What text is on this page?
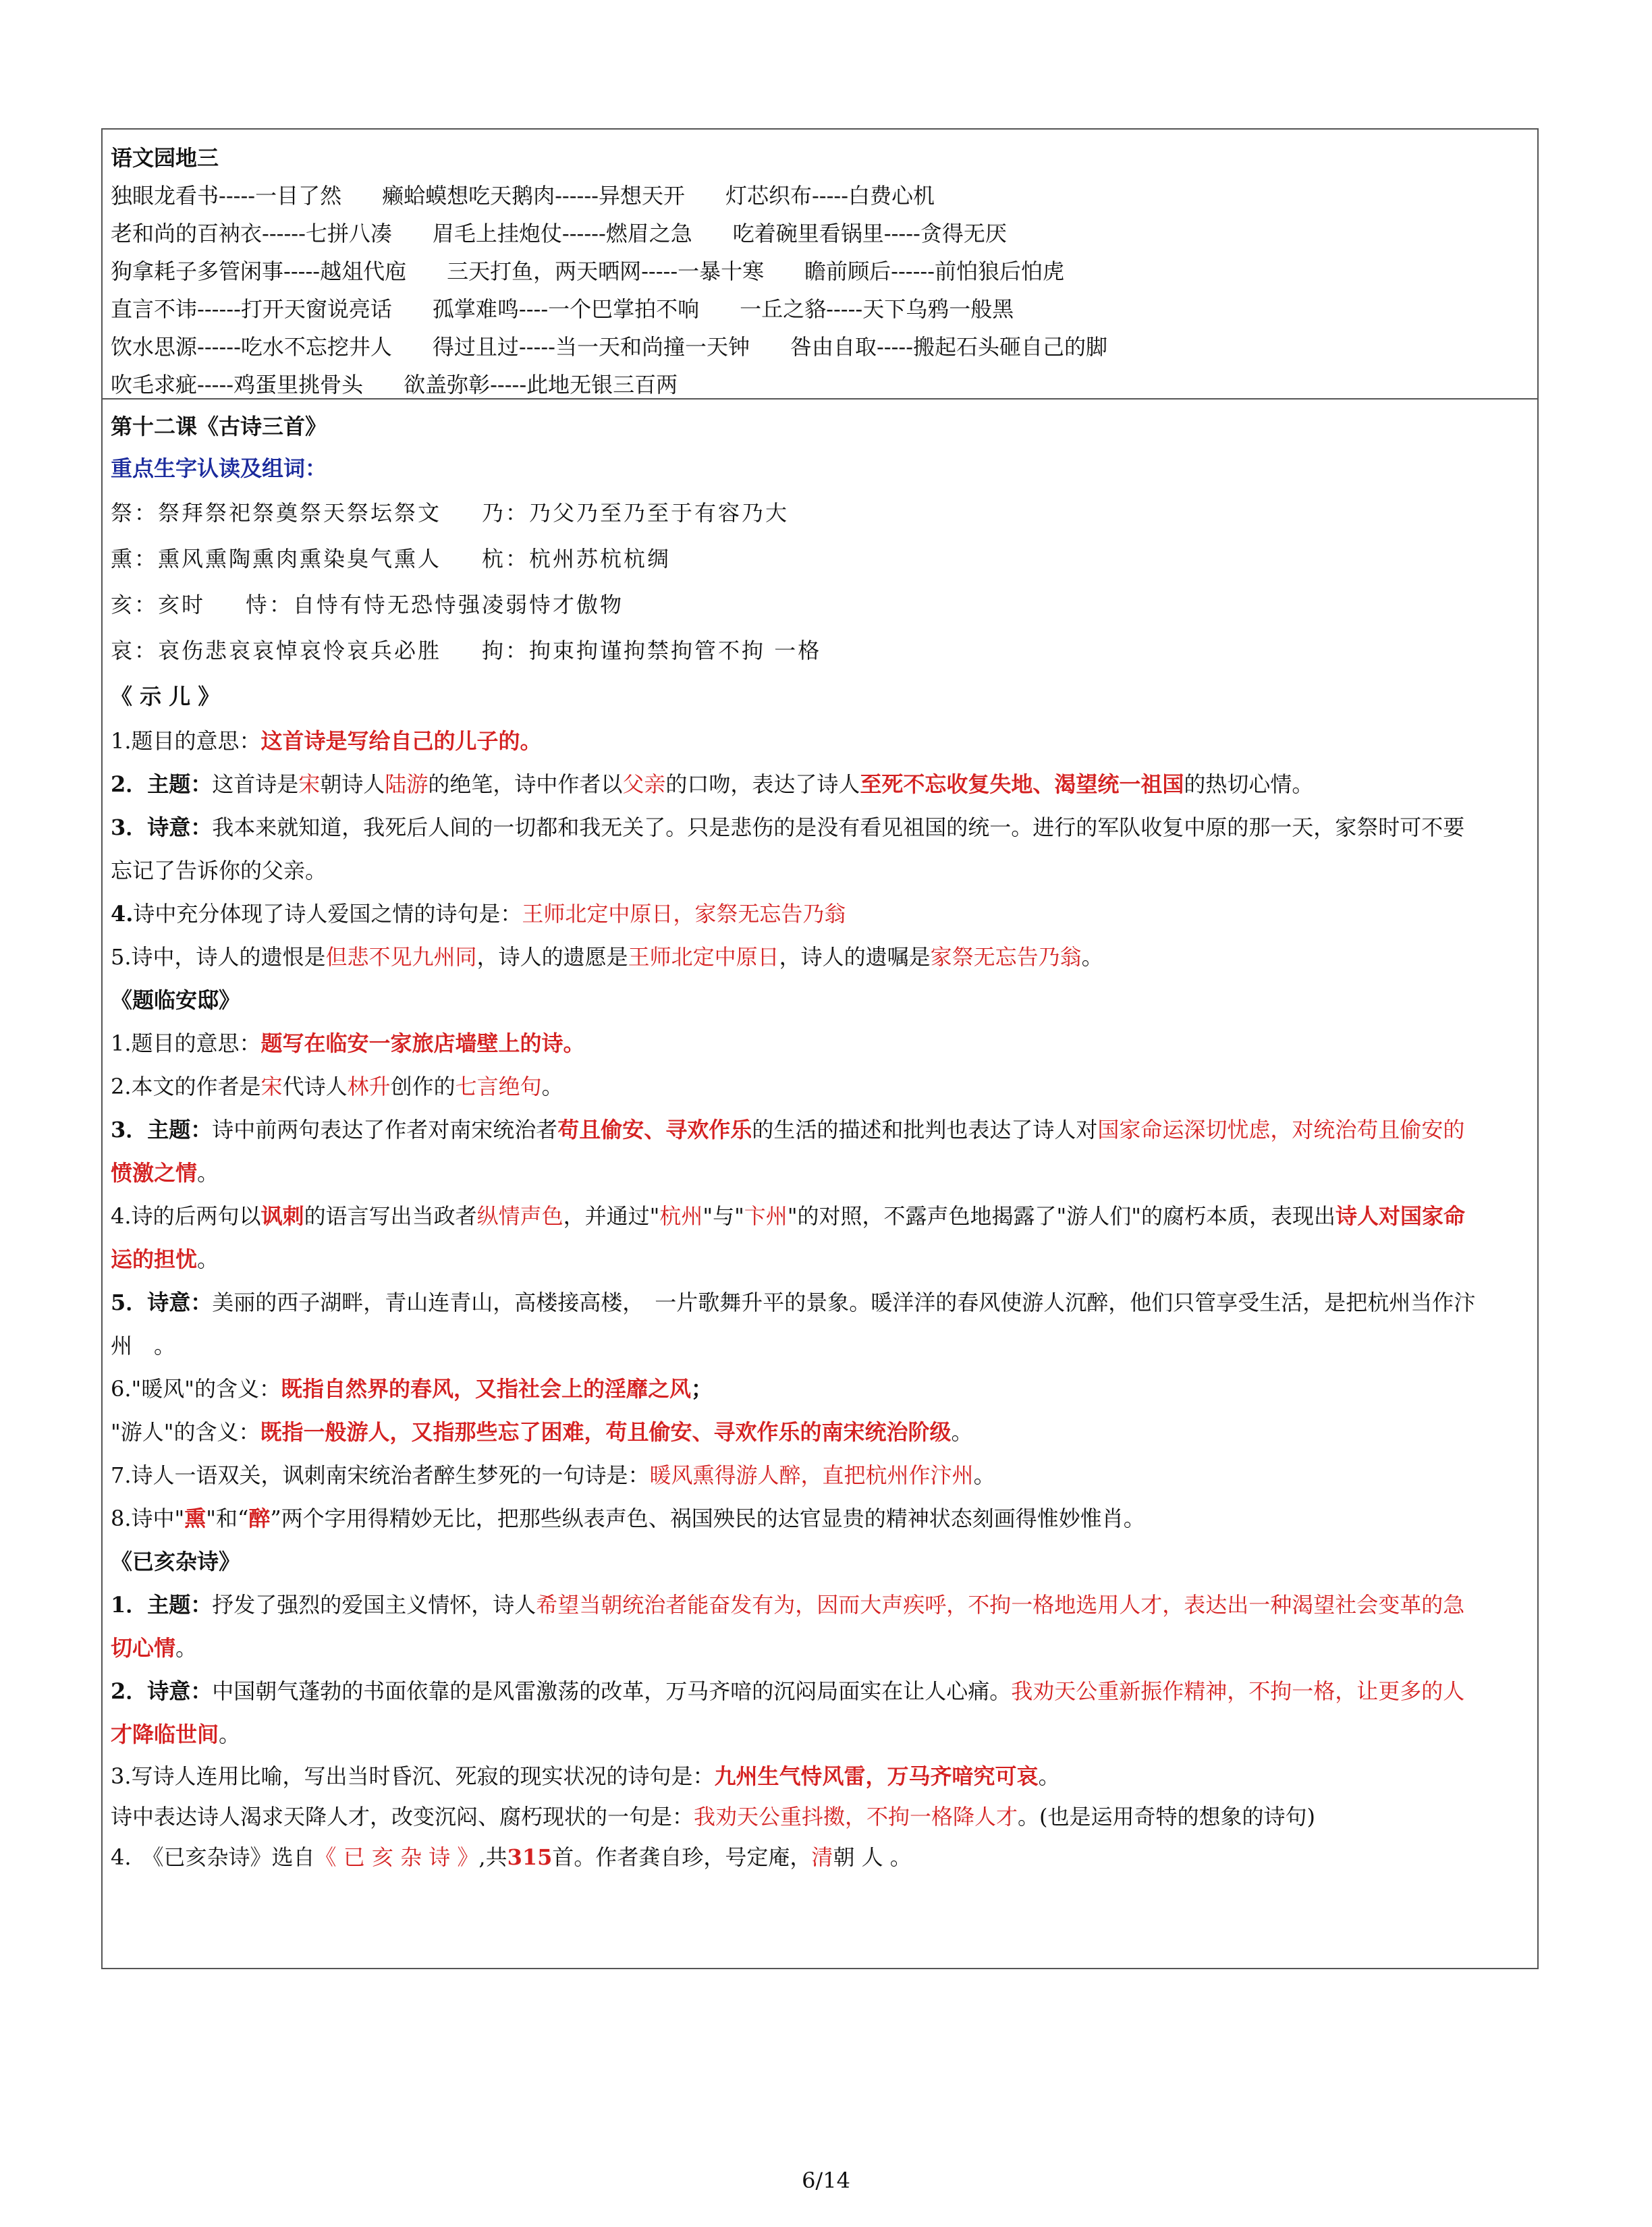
语文园地三
独眼龙看书-----一目了然 癞蛤蟆想吃天鹅肉------异想天开 灯芯织布-----白费心机
老和尚的百衲衣------七拼八凑 眉毛上挂炮仗------燃眉之急 吃着碗里看锅里-----贪得无厌
狗拿耗子多管闲事-----越俎代庖 三天打鱼，两天晒网-----一暴十寒 瞻前顾后------前怕狼后怕虎
直言不讳------打开天窗说亮话 孤掌难鸣----一个巴掌拍不响 一丘之貉-----天下乌鸦一般黑
饮水思源------吃水不忘挖井人 得过且过-----当一天和尚撞一天钟 咎由自取-----搬起石头砸自己的脚
吹毛求疵-----鸡蛋里挑骨头 欲盖弥彰-----此地无银三百两
第十二课《古诗三首》
重点生字认读及组词：
祭：祭拜祭祀祭奠祭天祭坛祭文 乃：乃父乃至乃至于有容乃大
熏：熏风熏陶熏肉熏染臭气熏人 杭：杭州苏杭杭绸
亥：亥时 恃：自恃有恃无恐恃强凌弱恃才傲物
哀：哀伤悲哀哀悼哀怜哀兵必胜 拘：拘束拘谨拘禁拘管不拘 一格
《 示 儿 》
1.题目的意思：这首诗是写给自己的儿子的。
2．主题：这首诗是宋朝诗人陆游的绝笔，诗中作者以父亲的口吻，表达了诗人至死不忘收复失地、渴望统一祖国的热切心情。
3．诗意：我本来就知道，我死后人间的一切都和我无关了。只是悲伤的是没有看见祖国的统一。进行的军队收复中原的那一天，家祭时可不要
忘记了告诉你的父亲。
4.诗中充分体现了诗人爱国之情的诗句是：王师北定中原日，家祭无忘告乃翁
5.诗中，诗人的遗恨是但悲不见九州同，诗人的遗愿是王师北定中原日，诗人的遗嘱是家祭无忘告乃翁。
《题临安邸》
1.题目的意思：题写在临安一家旅店墙壁上的诗。
2.本文的作者是宋代诗人林升创作的七言绝句。
3．主题：诗中前两句表达了作者对南宋统治者苟且偷安、寻欢作乐的生活的描述和批判也表达了诗人对国家命运深切忧虑，对统治苟且偷安的
愤激之情。
4.诗的后两句以讽刺的语言写出当政者纵情声色，并通过"杭州"与"卞州"的对照，不露声色地揭露了"游人们"的腐朽本质，表现出诗人对国家命
运的担忧。
5．诗意：美丽的西子湖畔，青山连青山，高楼接高楼，　一片歌舞升平的景象。暖洋洋的春风使游人沉醉，他们只管享受生活，是把杭州当作汴
州　。
6."暖风"的含义：既指自然界的春风，又指社会上的淫靡之风；
"游人"的含义：既指一般游人，又指那些忘了困难，苟且偷安、寻欢作乐的南宋统治阶级。
7.诗人一语双关，讽刺南宋统治者醉生梦死的一句诗是：暖风熏得游人醉，直把杭州作汴州。
8.诗中"熏"和“醉”两个字用得精妙无比，把那些纵表声色、祸国殃民的达官显贵的精神状态刻画得惟妙惟肖。
《已亥杂诗》
1．主题：抒发了强烈的爱国主义情怀，诗人希望当朝统治者能奋发有为，因而大声疾呼，不拘一格地选用人才，表达出一种渴望社会变革的急
切心情。
2．诗意：中国朝气蓬勃的书面依靠的是风雷激荡的改革，万马齐喑的沉闷局面实在让人心痛。我劝天公重新振作精神，不拘一格，让更多的人
才降临世间。
3.写诗人连用比喻，写出当时昏沉、死寂的现实状况的诗句是：九州生气恃风雷，万马齐喑究可哀。
诗中表达诗人渴求天降人才，改变沉闷、腐朽现状的一句是：我劝天公重抖擞，不拘一格降人才。(也是运用奇特的想象的诗句)
4.　《已亥杂诗》选自《 已 亥 杂 诗 》,共315首。作者龚自珍，号定庵，清朝 人 。
6/14
